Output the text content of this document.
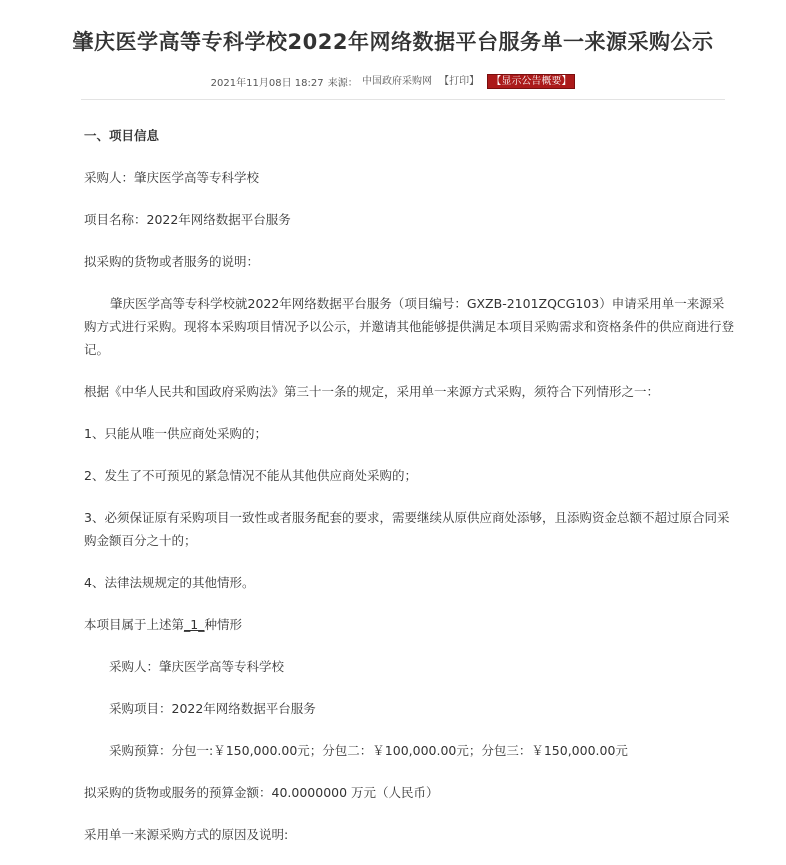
肇庆医学高等专科学校2022年网络数据平台服务单一来源采购公示
2021年11月08日 18:27 来源： 中国政府采购网 【打印】 【显示公告概要】

一、项目信息

采购人：肇庆医学高等专科学校

项目名称：2022年网络数据平台服务

拟采购的货物或者服务的说明：

肇庆医学高等专科学校就2022年网络数据平台服务（项目编号：GXZB-2101ZQCG103）申请采用单一来源采购方式进行采购。现将本采购项目情况予以公示，并邀请其他能够提供满足本项目采购需求和资格条件的供应商进行登记。

根据《中华人民共和国政府采购法》第三十一条的规定，采用单一来源方式采购，须符合下列情形之一：

1、只能从唯一供应商处采购的；

2、发生了不可预见的紧急情况不能从其他供应商处采购的；

3、必须保证原有采购项目一致性或者服务配套的要求，需要继续从原供应商处添够，且添购资金总额不超过原合同采购金额百分之十的；

4、法律法规规定的其他情形。

本项目属于上述第_1_种情形

采购人：肇庆医学高等专科学校

采购项目：2022年网络数据平台服务

采购预算：分包一:￥150,000.00元；分包二：￥100,000.00元；分包三：￥150,000.00元

拟采购的货物或服务的预算金额：40.0000000 万元（人民币）

采用单一来源采购方式的原因及说明:
